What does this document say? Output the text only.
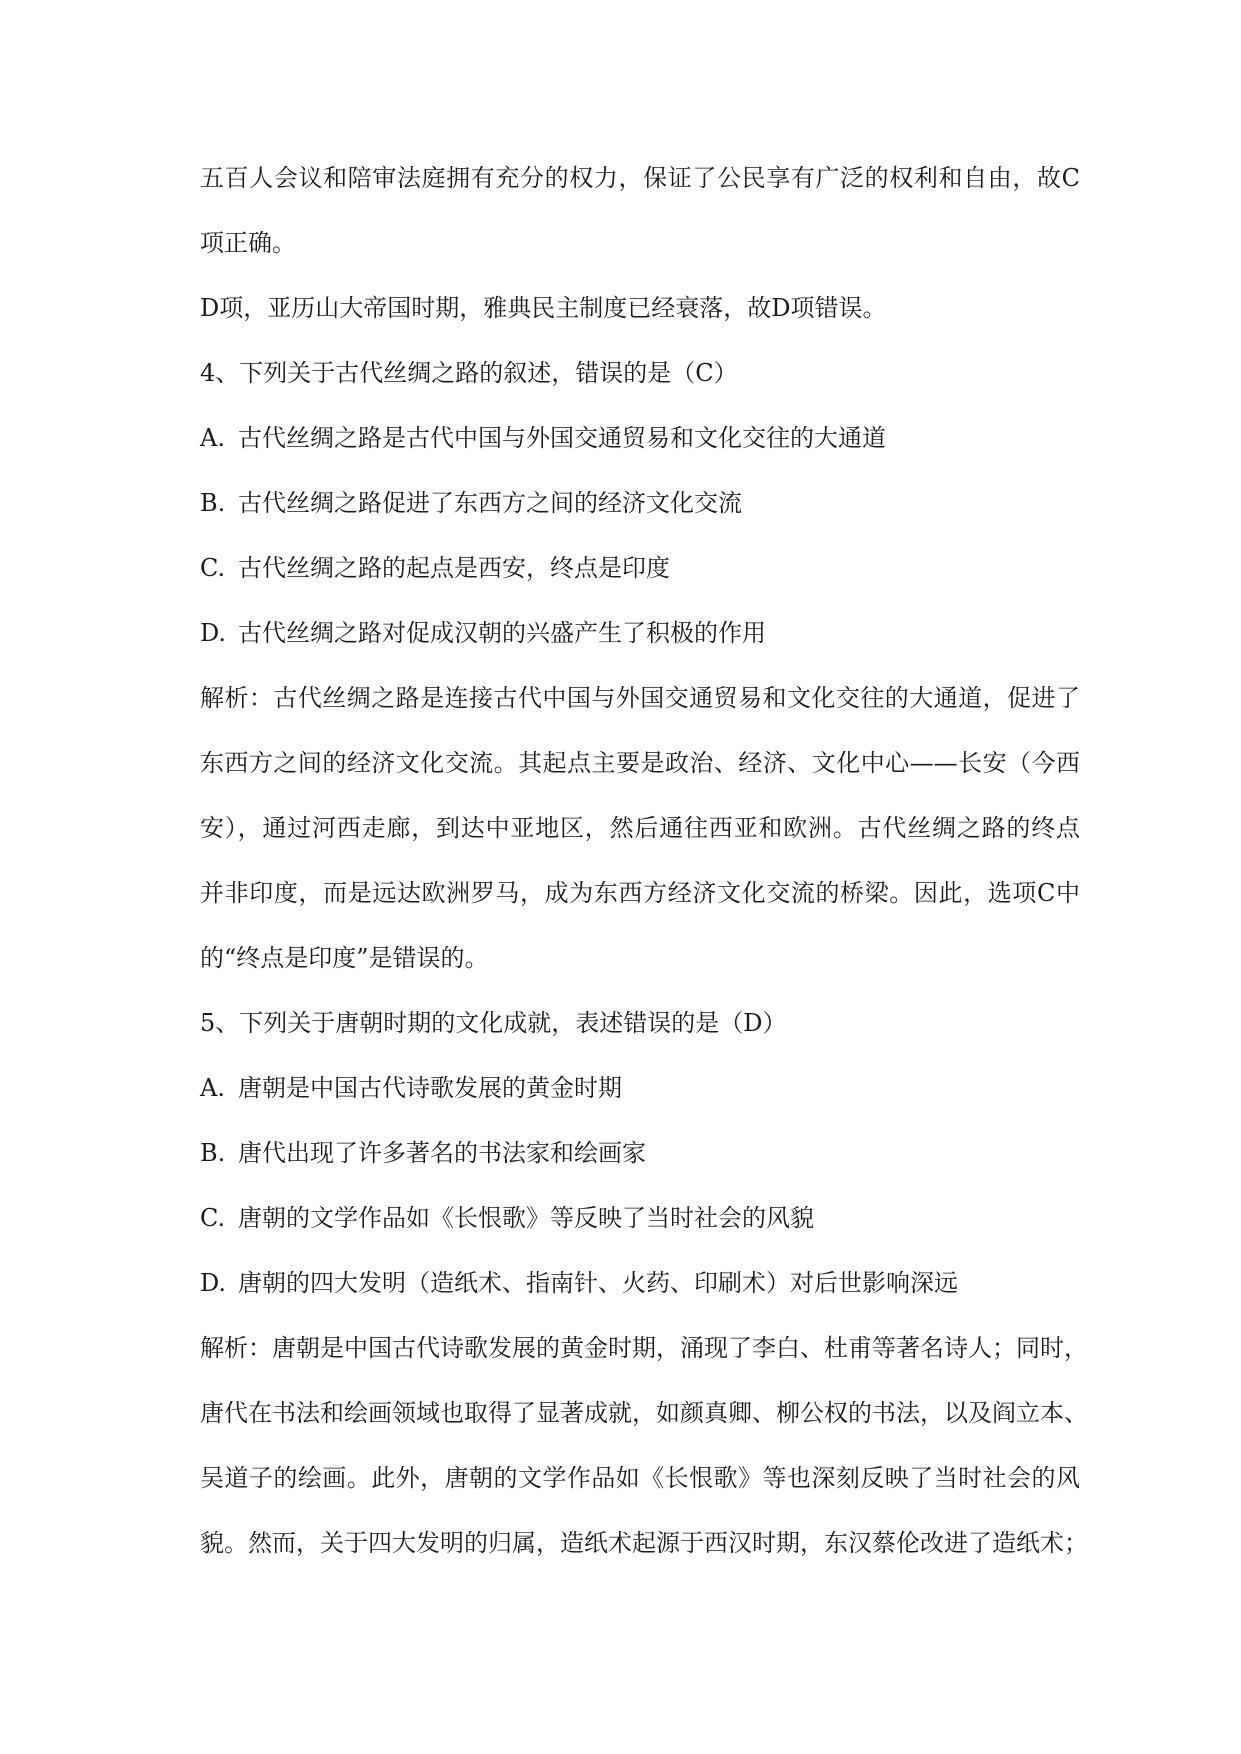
五百人会议和陪审法庭拥有充分的权力，保证了公民享有广泛的权利和自由，故C
项正确。
D项，亚历山大帝国时期，雅典民主制度已经衰落，故D项错误。
4、下列关于古代丝绸之路的叙述，错误的是（C）
A. 古代丝绸之路是古代中国与外国交通贸易和文化交往的大通道
B. 古代丝绸之路促进了东西方之间的经济文化交流
C. 古代丝绸之路的起点是西安，终点是印度
D. 古代丝绸之路对促成汉朝的兴盛产生了积极的作用
解析：古代丝绸之路是连接古代中国与外国交通贸易和文化交往的大通道，促进了
东西方之间的经济文化交流。其起点主要是政治、经济、文化中心——长安（今西
安），通过河西走廊，到达中亚地区，然后通往西亚和欧洲。古代丝绸之路的终点
并非印度，而是远达欧洲罗马，成为东西方经济文化交流的桥梁。因此，选项C中
的“终点是印度”是错误的。
5、下列关于唐朝时期的文化成就，表述错误的是（D）
A. 唐朝是中国古代诗歌发展的黄金时期
B. 唐代出现了许多著名的书法家和绘画家
C. 唐朝的文学作品如《长恨歌》等反映了当时社会的风貌
D. 唐朝的四大发明（造纸术、指南针、火药、印刷术）对后世影响深远
解析：唐朝是中国古代诗歌发展的黄金时期，涌现了李白、杜甫等著名诗人；同时，
唐代在书法和绘画领域也取得了显著成就，如颜真卿、柳公权的书法，以及阎立本、
吴道子的绘画。此外，唐朝的文学作品如《长恨歌》等也深刻反映了当时社会的风
貌。然而，关于四大发明的归属，造纸术起源于西汉时期，东汉蔡伦改进了造纸术；
